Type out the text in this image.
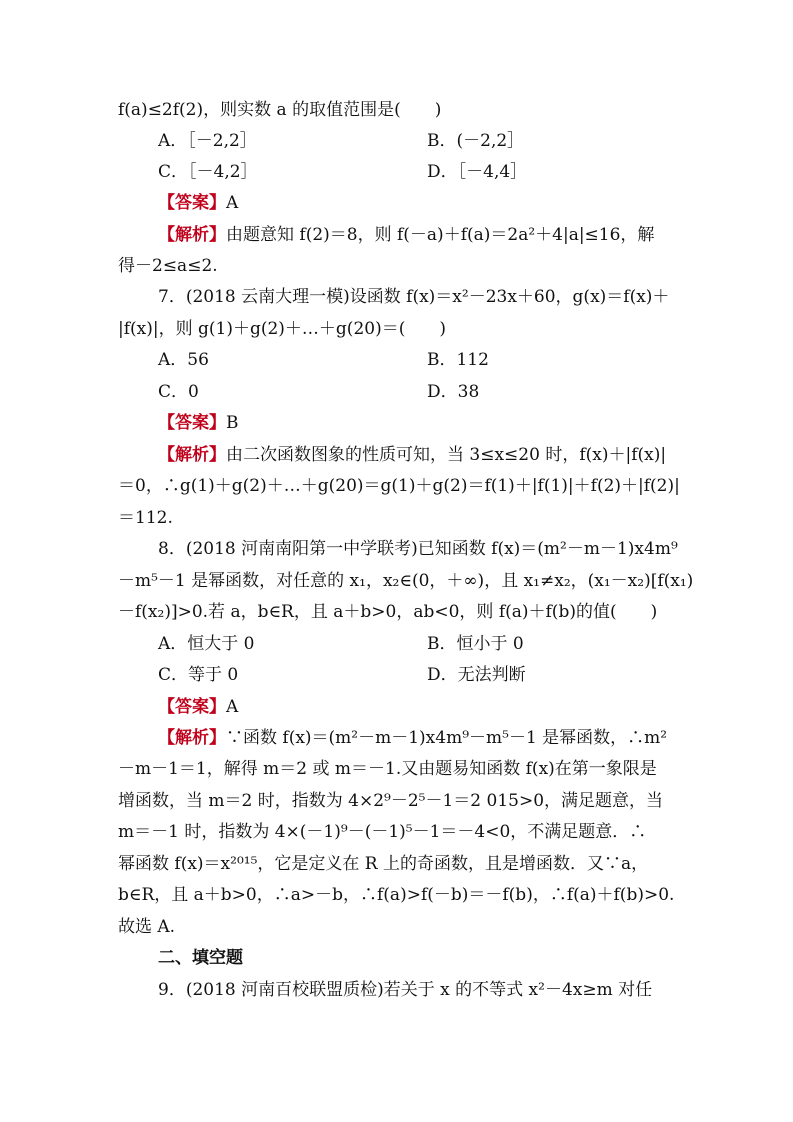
f(a)≤2f(2)，则实数 a 的取值范围是(　　)
A．［－2,2］	B．(－2,2］
C．［－4,2］	D．［－4,4］
【答案】A
【解析】由题意知 f(2)＝8，则 f(－a)＋f(a)＝2a²＋4|a|≤16，解
得－2≤a≤2.
7．(2018 云南大理一模)设函数 f(x)＝x²－23x＋60，g(x)＝f(x)＋
|f(x)|，则 g(1)＋g(2)＋…＋g(20)＝(　　)
A．56	B．112
C．0	D．38
【答案】B
【解析】由二次函数图象的性质可知，当 3≤x≤20 时，f(x)＋|f(x)|
＝0，∴g(1)＋g(2)＋…＋g(20)＝g(1)＋g(2)＝f(1)＋|f(1)|＋f(2)＋|f(2)|
＝112.
8．(2018 河南南阳第一中学联考)已知函数 f(x)＝(m²－m－1)x4m⁹
－m⁵－1 是幂函数，对任意的 x₁，x₂∈(0，＋∞)，且 x₁≠x₂，(x₁－x₂)[f(x₁)
－f(x₂)]>0.若 a，b∈R，且 a＋b>0，ab<0，则 f(a)＋f(b)的值(　　)
A．恒大于 0	B．恒小于 0
C．等于 0	D．无法判断
【答案】A
【解析】∵函数 f(x)＝(m²－m－1)x4m⁹－m⁵－1 是幂函数，∴m²
－m－1＝1，解得 m＝2 或 m＝－1.又由题易知函数 f(x)在第一象限是
增函数，当 m＝2 时，指数为 4×2⁹－2⁵－1＝2 015>0，满足题意，当
m＝－1 时，指数为 4×(－1)⁹－(－1)⁵－1＝－4<0，不满足题意．∴
幂函数 f(x)＝x²⁰¹⁵，它是定义在 R 上的奇函数，且是增函数．又∵a，
b∈R，且 a＋b>0，∴a>－b，∴f(a)>f(－b)＝－f(b)，∴f(a)＋f(b)>0.
故选 A.
二、填空题
9．(2018 河南百校联盟质检)若关于 x 的不等式 x²－4x≥m 对任
